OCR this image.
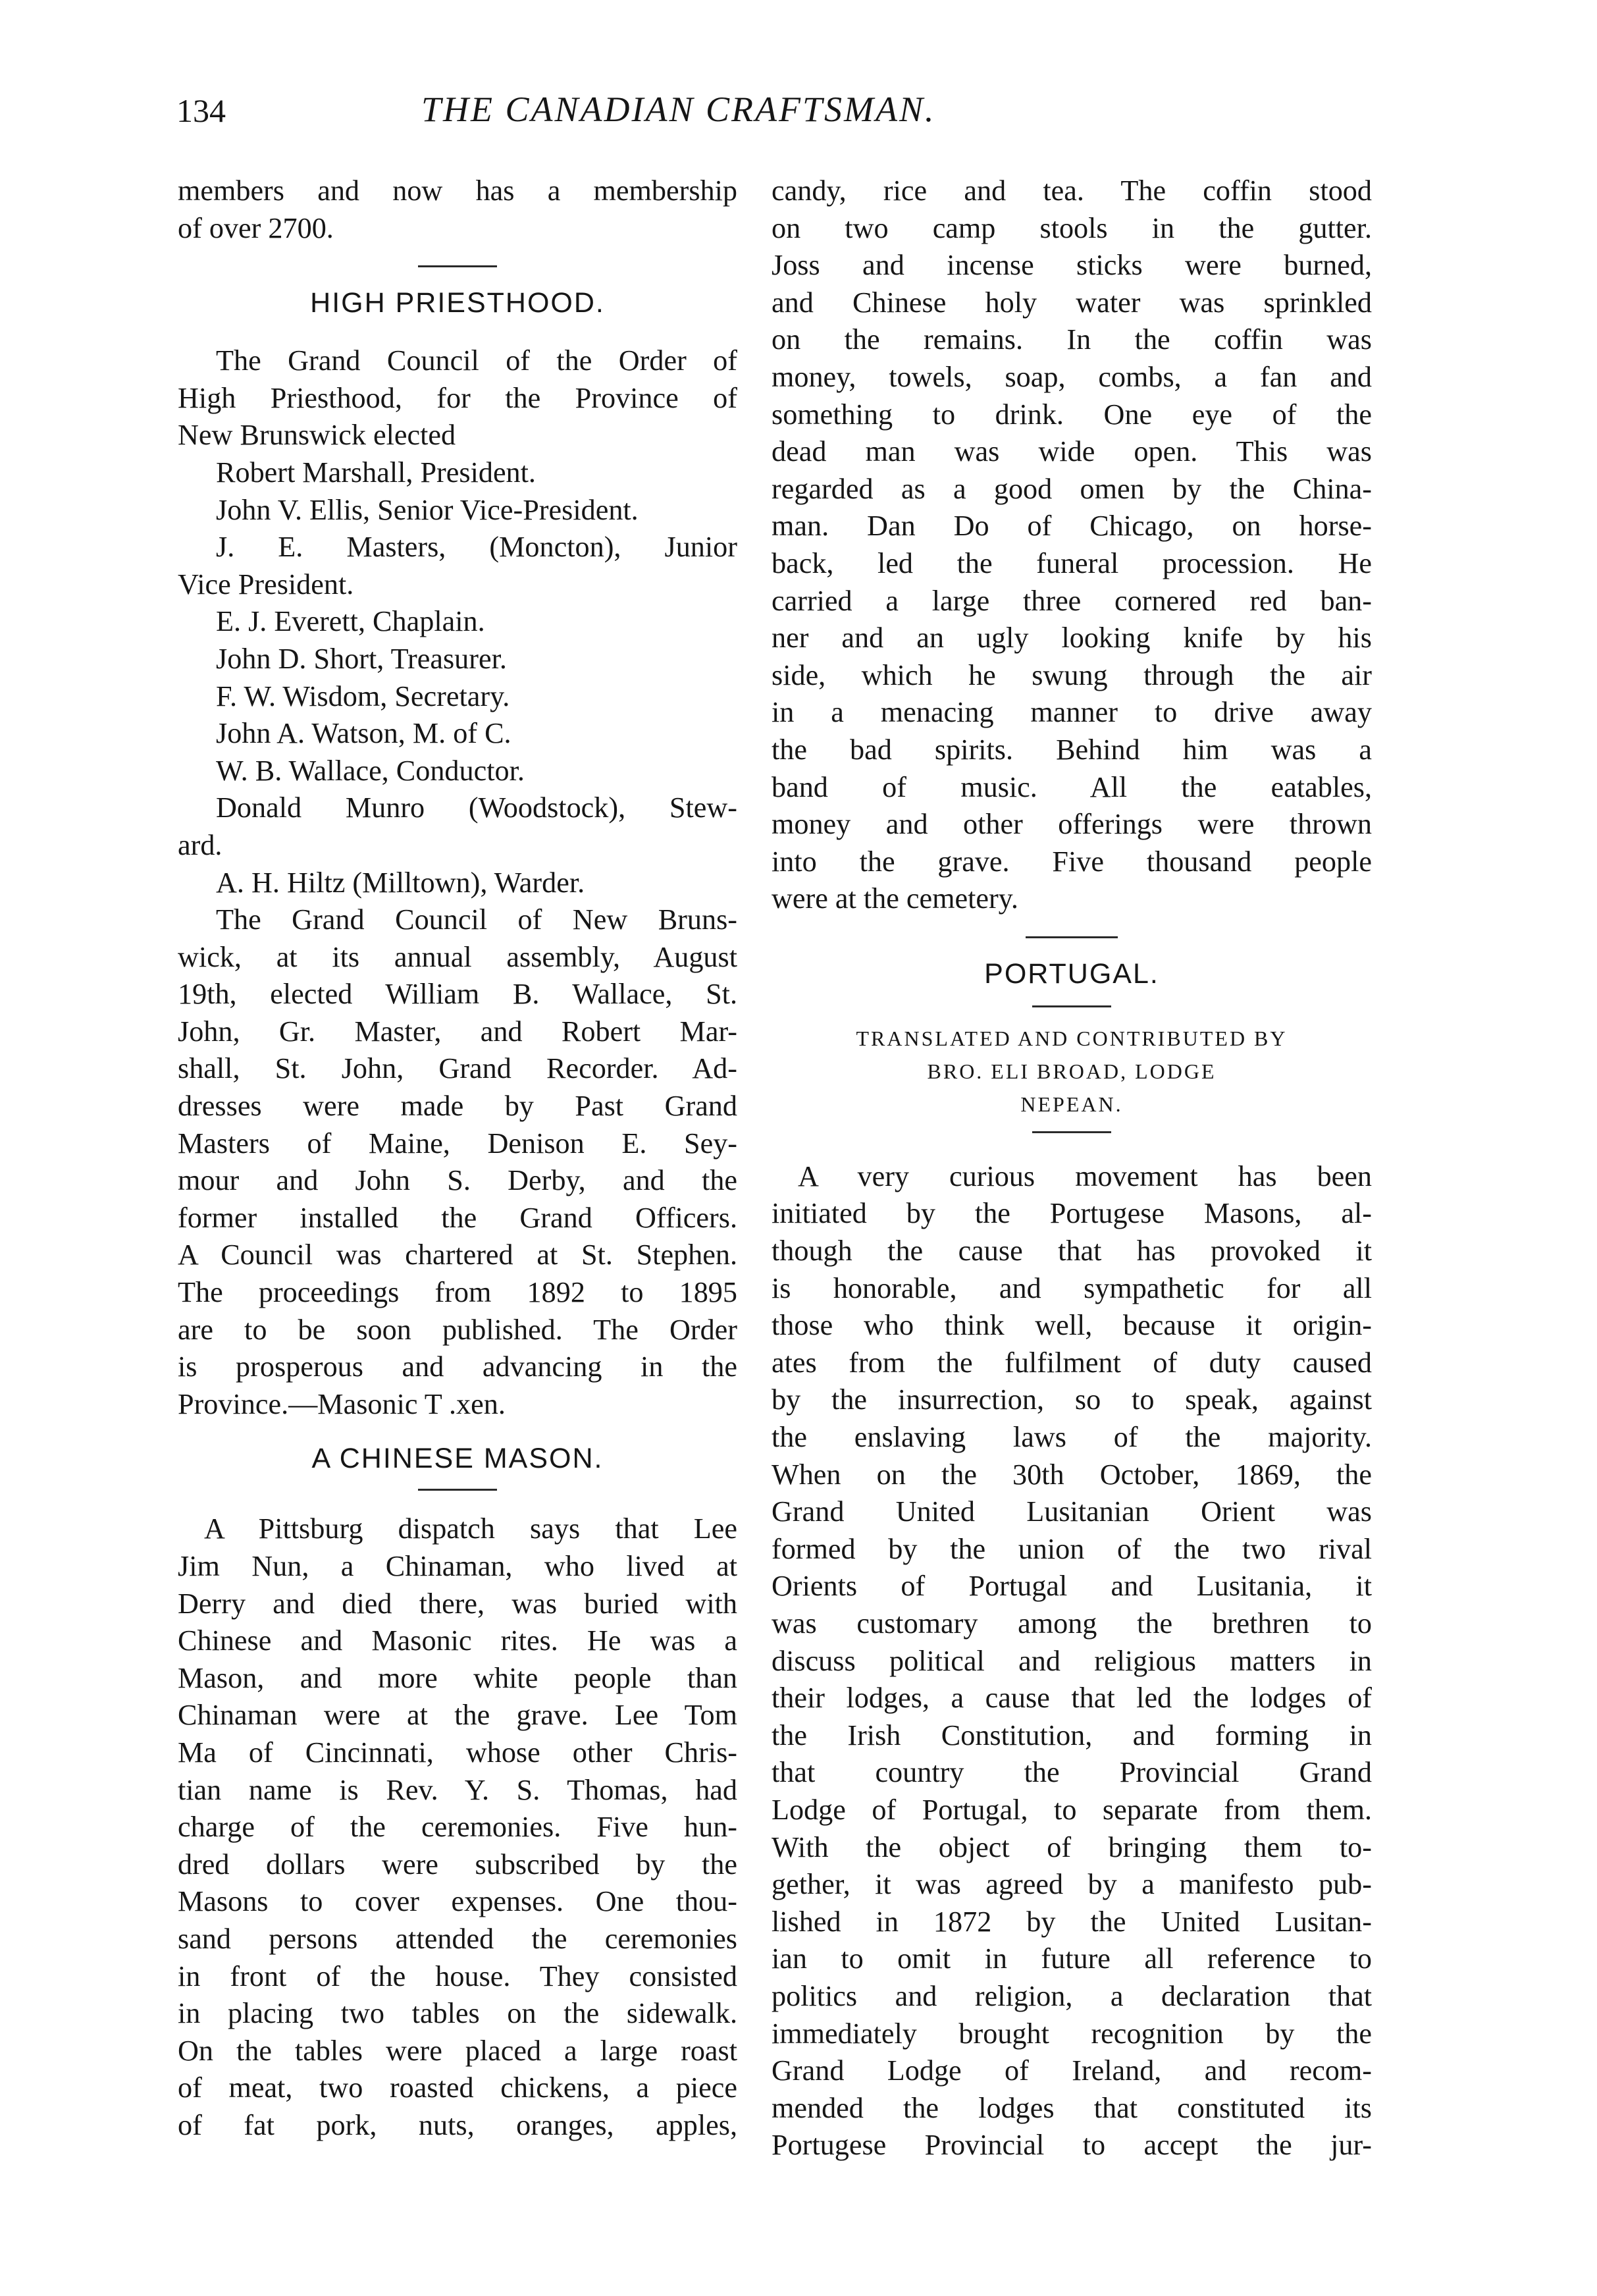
134	THE CANADIAN CRAFTSMAN.
members and now has a membership
of over 2700.
HIGH PRIESTHOOD.
The Grand Council of the Order of
High Priesthood, for the Province of
New Brunswick elected
Robert Marshall, President.
John V. Ellis, Senior Vice-President.
J. E. Masters, (Moncton), Junior
Vice President.
E. J. Everett, Chaplain.
John D. Short, Treasurer.
F. W. Wisdom, Secretary.
John A. Watson, M. of C.
W. B. Wallace, Conductor.
Donald Munro (Woodstock), Stew-
ard.
A. H. Hiltz (Milltown), Warder.
The Grand Council of New Bruns-
wick, at its annual assembly, August
19th, elected William B. Wallace, St.
John, Gr. Master, and Robert Mar-
shall, St. John, Grand Recorder. Ad-
dresses were made by Past Grand
Masters of Maine, Denison E. Sey-
mour and John S. Derby, and the
former installed the Grand Officers.
A Council was chartered at St. Stephen.
The proceedings from 1892 to 1895
are to be soon published. The Order
is prosperous and advancing in the
Province.—Masonic T .xen.
A CHINESE MASON.
A Pittsburg dispatch says that Lee
Jim Nun, a Chinaman, who lived at
Derry and died there, was buried with
Chinese and Masonic rites. He was a
Mason, and more white people than
Chinaman were at the grave. Lee Tom
Ma of Cincinnati, whose other Chris-
tian name is Rev. Y. S. Thomas, had
charge of the ceremonies. Five hun-
dred dollars were subscribed by the
Masons to cover expenses. One thou-
sand persons attended the ceremonies
in front of the house. They consisted
in placing two tables on the sidewalk.
On the tables were placed a large roast
of meat, two roasted chickens, a piece
of fat pork, nuts, oranges, apples,
candy, rice and tea. The coffin stood
on two camp stools in the gutter.
Joss and incense sticks were burned,
and Chinese holy water was sprinkled
on the remains. In the coffin was
money, towels, soap, combs, a fan and
something to drink. One eye of the
dead man was wide open. This was
regarded as a good omen by the China-
man. Dan Do of Chicago, on horse-
back, led the funeral procession. He
carried a large three cornered red ban-
ner and an ugly looking knife by his
side, which he swung through the air
in a menacing manner to drive away
the bad spirits. Behind him was a
band of music. All the eatables,
money and other offerings were thrown
into the grave. Five thousand people
were at the cemetery.
PORTUGAL.
TRANSLATED AND CONTRIBUTED BY
BRO. ELI BROAD, LODGE
NEPEAN.
A very curious movement has been
initiated by the Portugese Masons, al-
though the cause that has provoked it
is honorable, and sympathetic for all
those who think well, because it origin-
ates from the fulfilment of duty caused
by the insurrection, so to speak, against
the enslaving laws of the majority.
When on the 30th October, 1869, the
Grand United Lusitanian Orient was
formed by the union of the two rival
Orients of Portugal and Lusitania, it
was customary among the brethren to
discuss political and religious matters in
their lodges, a cause that led the lodges of
the Irish Constitution, and forming in
that country the Provincial Grand
Lodge of Portugal, to separate from them.
With the object of bringing them to-
gether, it was agreed by a manifesto pub-
lished in 1872 by the United Lusitan-
ian to omit in future all reference to
politics and religion, a declaration that
immediately brought recognition by the
Grand Lodge of Ireland, and recom-
mended the lodges that constituted its
Portugese Provincial to accept the jur-
